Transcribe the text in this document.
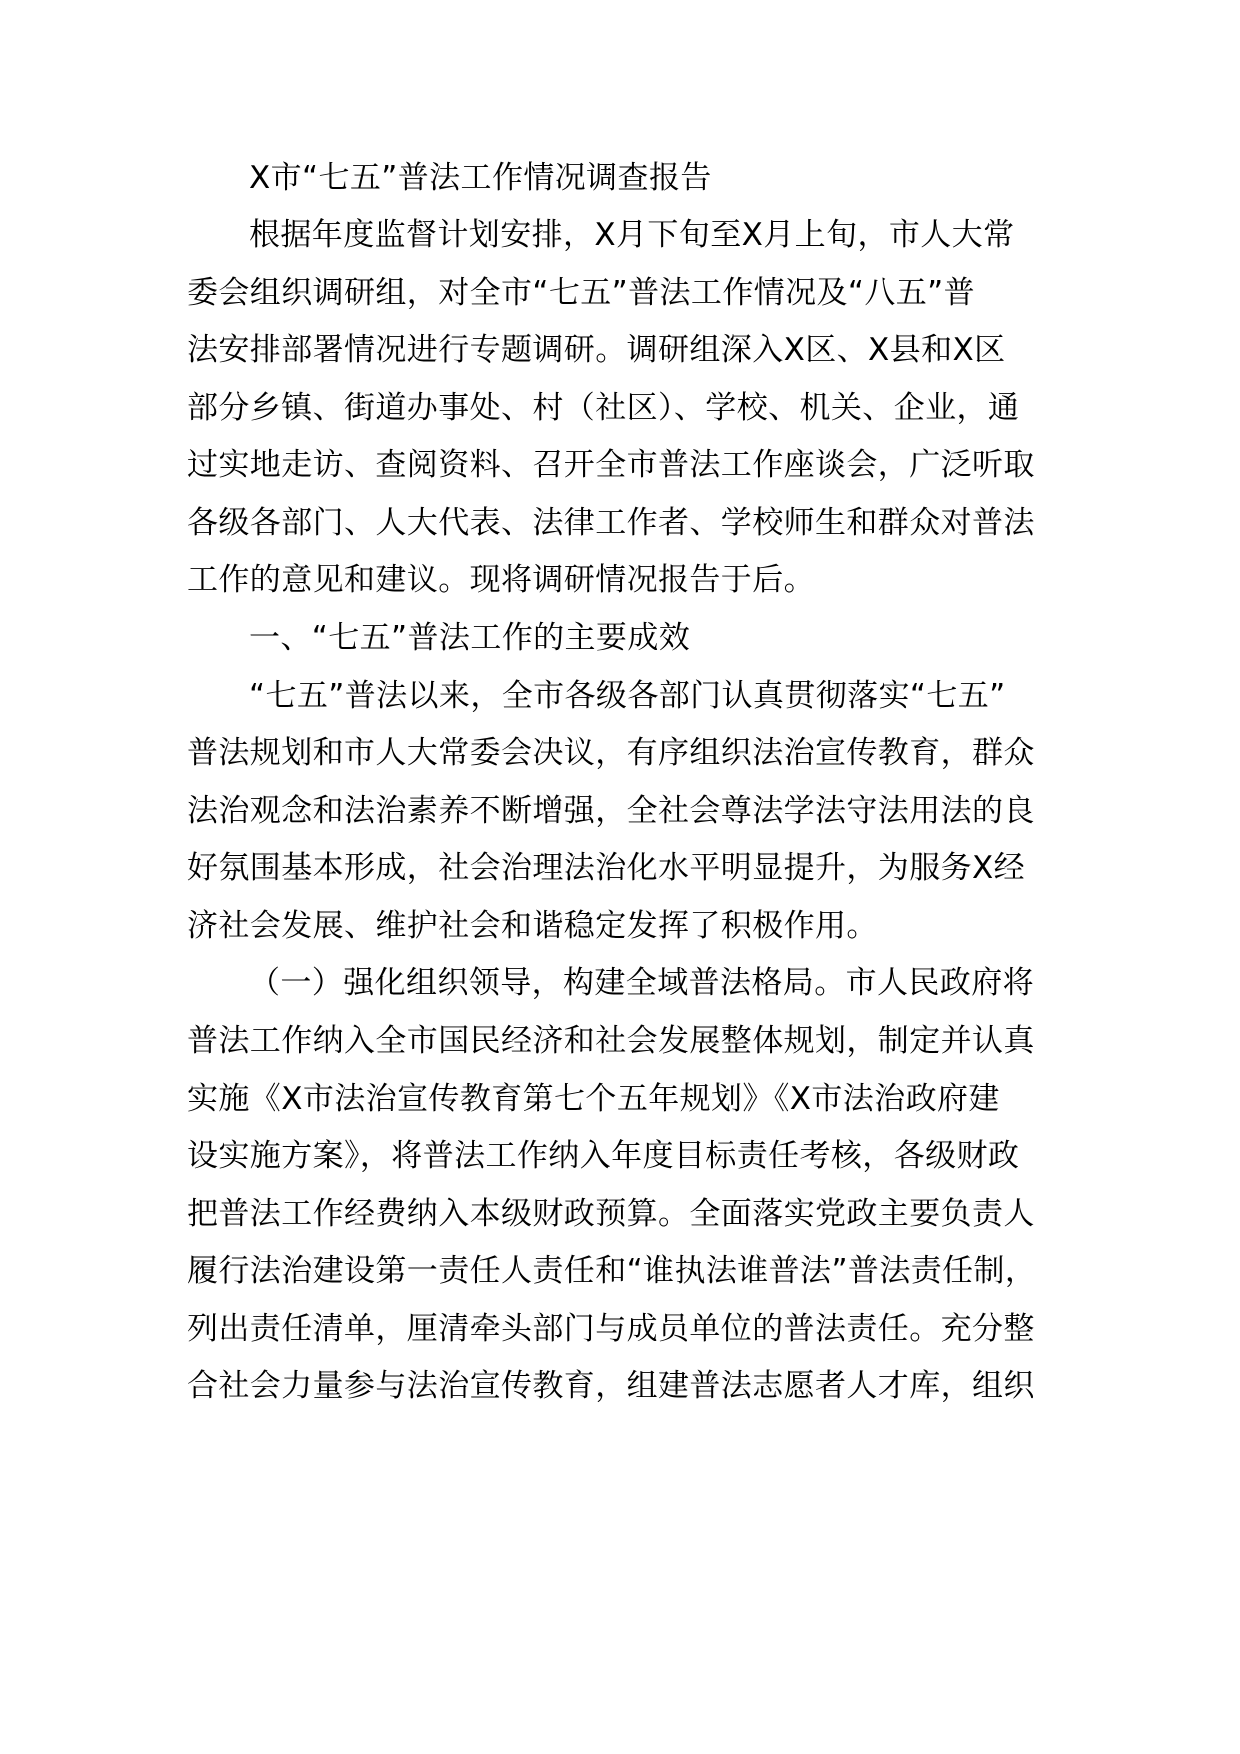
X市“七五”普法工作情况调查报告
根据年度监督计划安排，X月下旬至X月上旬，市人大常
委会组织调研组，对全市“七五”普法工作情况及“八五”普
法安排部署情况进行专题调研。调研组深入X区、X县和X区
部分乡镇、街道办事处、村（社区）、学校、机关、企业，通
过实地走访、查阅资料、召开全市普法工作座谈会，广泛听取
各级各部门、人大代表、法律工作者、学校师生和群众对普法
工作的意见和建议。现将调研情况报告于后。
一、“七五”普法工作的主要成效
“七五”普法以来，全市各级各部门认真贯彻落实“七五”
普法规划和市人大常委会决议，有序组织法治宣传教育，群众
法治观念和法治素养不断增强，全社会尊法学法守法用法的良
好氛围基本形成，社会治理法治化水平明显提升，为服务X经
济社会发展、维护社会和谐稳定发挥了积极作用。
（一）强化组织领导，构建全域普法格局。市人民政府将
普法工作纳入全市国民经济和社会发展整体规划，制定并认真
实施《X市法治宣传教育第七个五年规划》《X市法治政府建
设实施方案》，将普法工作纳入年度目标责任考核，各级财政
把普法工作经费纳入本级财政预算。全面落实党政主要负责人
履行法治建设第一责任人责任和“谁执法谁普法”普法责任制，
列出责任清单，厘清牵头部门与成员单位的普法责任。充分整
合社会力量参与法治宣传教育，组建普法志愿者人才库，组织
